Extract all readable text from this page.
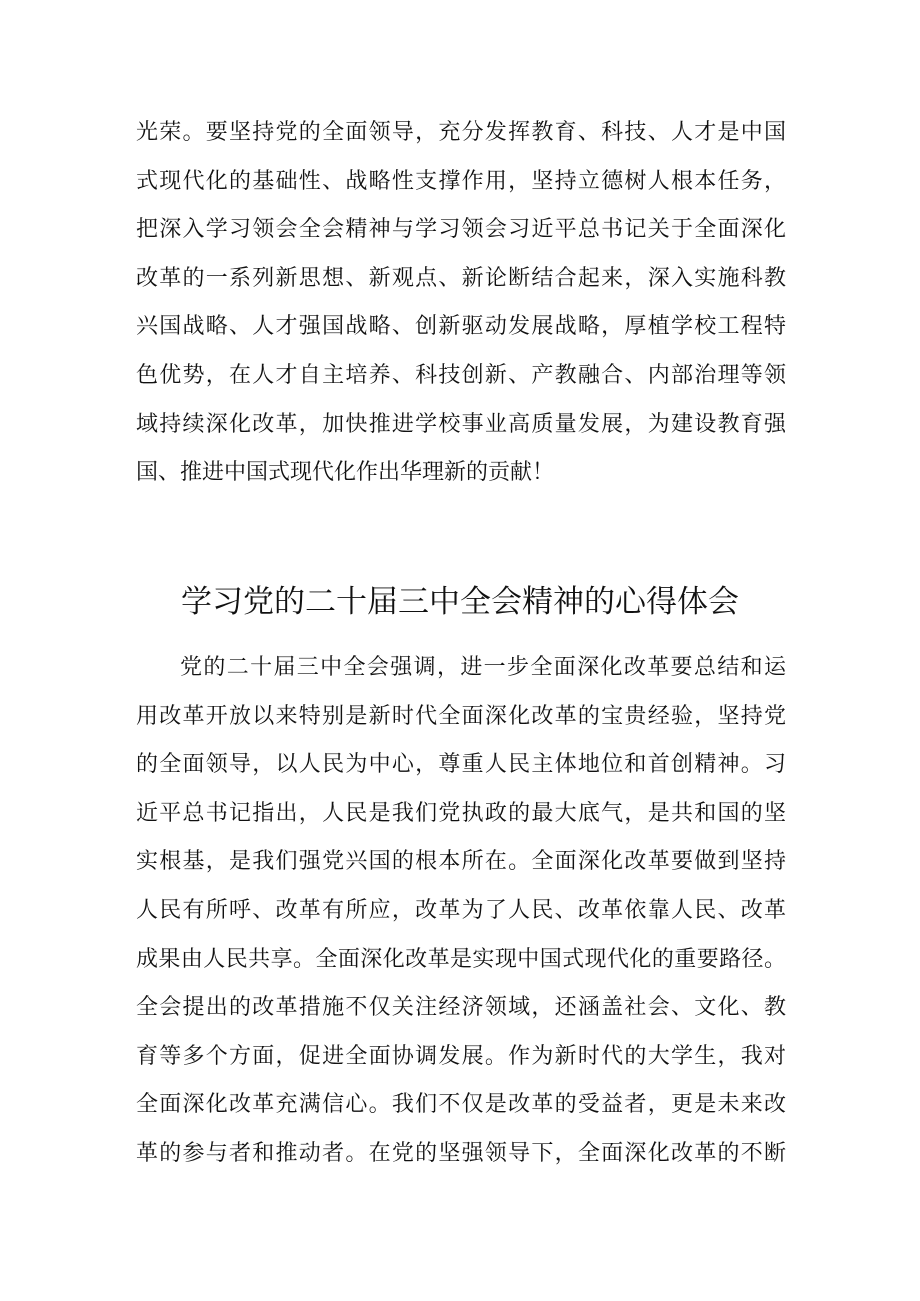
光荣。要坚持党的全面领导，充分发挥教育、科技、人才是中国
式现代化的基础性、战略性支撑作用，坚持立德树人根本任务，
把深入学习领会全会精神与学习领会习近平总书记关于全面深化
改革的一系列新思想、新观点、新论断结合起来，深入实施科教
兴国战略、人才强国战略、创新驱动发展战略，厚植学校工程特
色优势，在人才自主培养、科技创新、产教融合、内部治理等领
域持续深化改革，加快推进学校事业高质量发展，为建设教育强
国、推进中国式现代化作出华理新的贡献！
学习党的二十届三中全会精神的心得体会
党的二十届三中全会强调，进一步全面深化改革要总结和运
用改革开放以来特别是新时代全面深化改革的宝贵经验，坚持党
的全面领导，以人民为中心，尊重人民主体地位和首创精神。习
近平总书记指出，人民是我们党执政的最大底气，是共和国的坚
实根基，是我们强党兴国的根本所在。全面深化改革要做到坚持
人民有所呼、改革有所应，改革为了人民、改革依靠人民、改革
成果由人民共享。全面深化改革是实现中国式现代化的重要路径。
全会提出的改革措施不仅关注经济领域，还涵盖社会、文化、教
育等多个方面，促进全面协调发展。作为新时代的大学生，我对
全面深化改革充满信心。我们不仅是改革的受益者，更是未来改
革的参与者和推动者。在党的坚强领导下，全面深化改革的不断
